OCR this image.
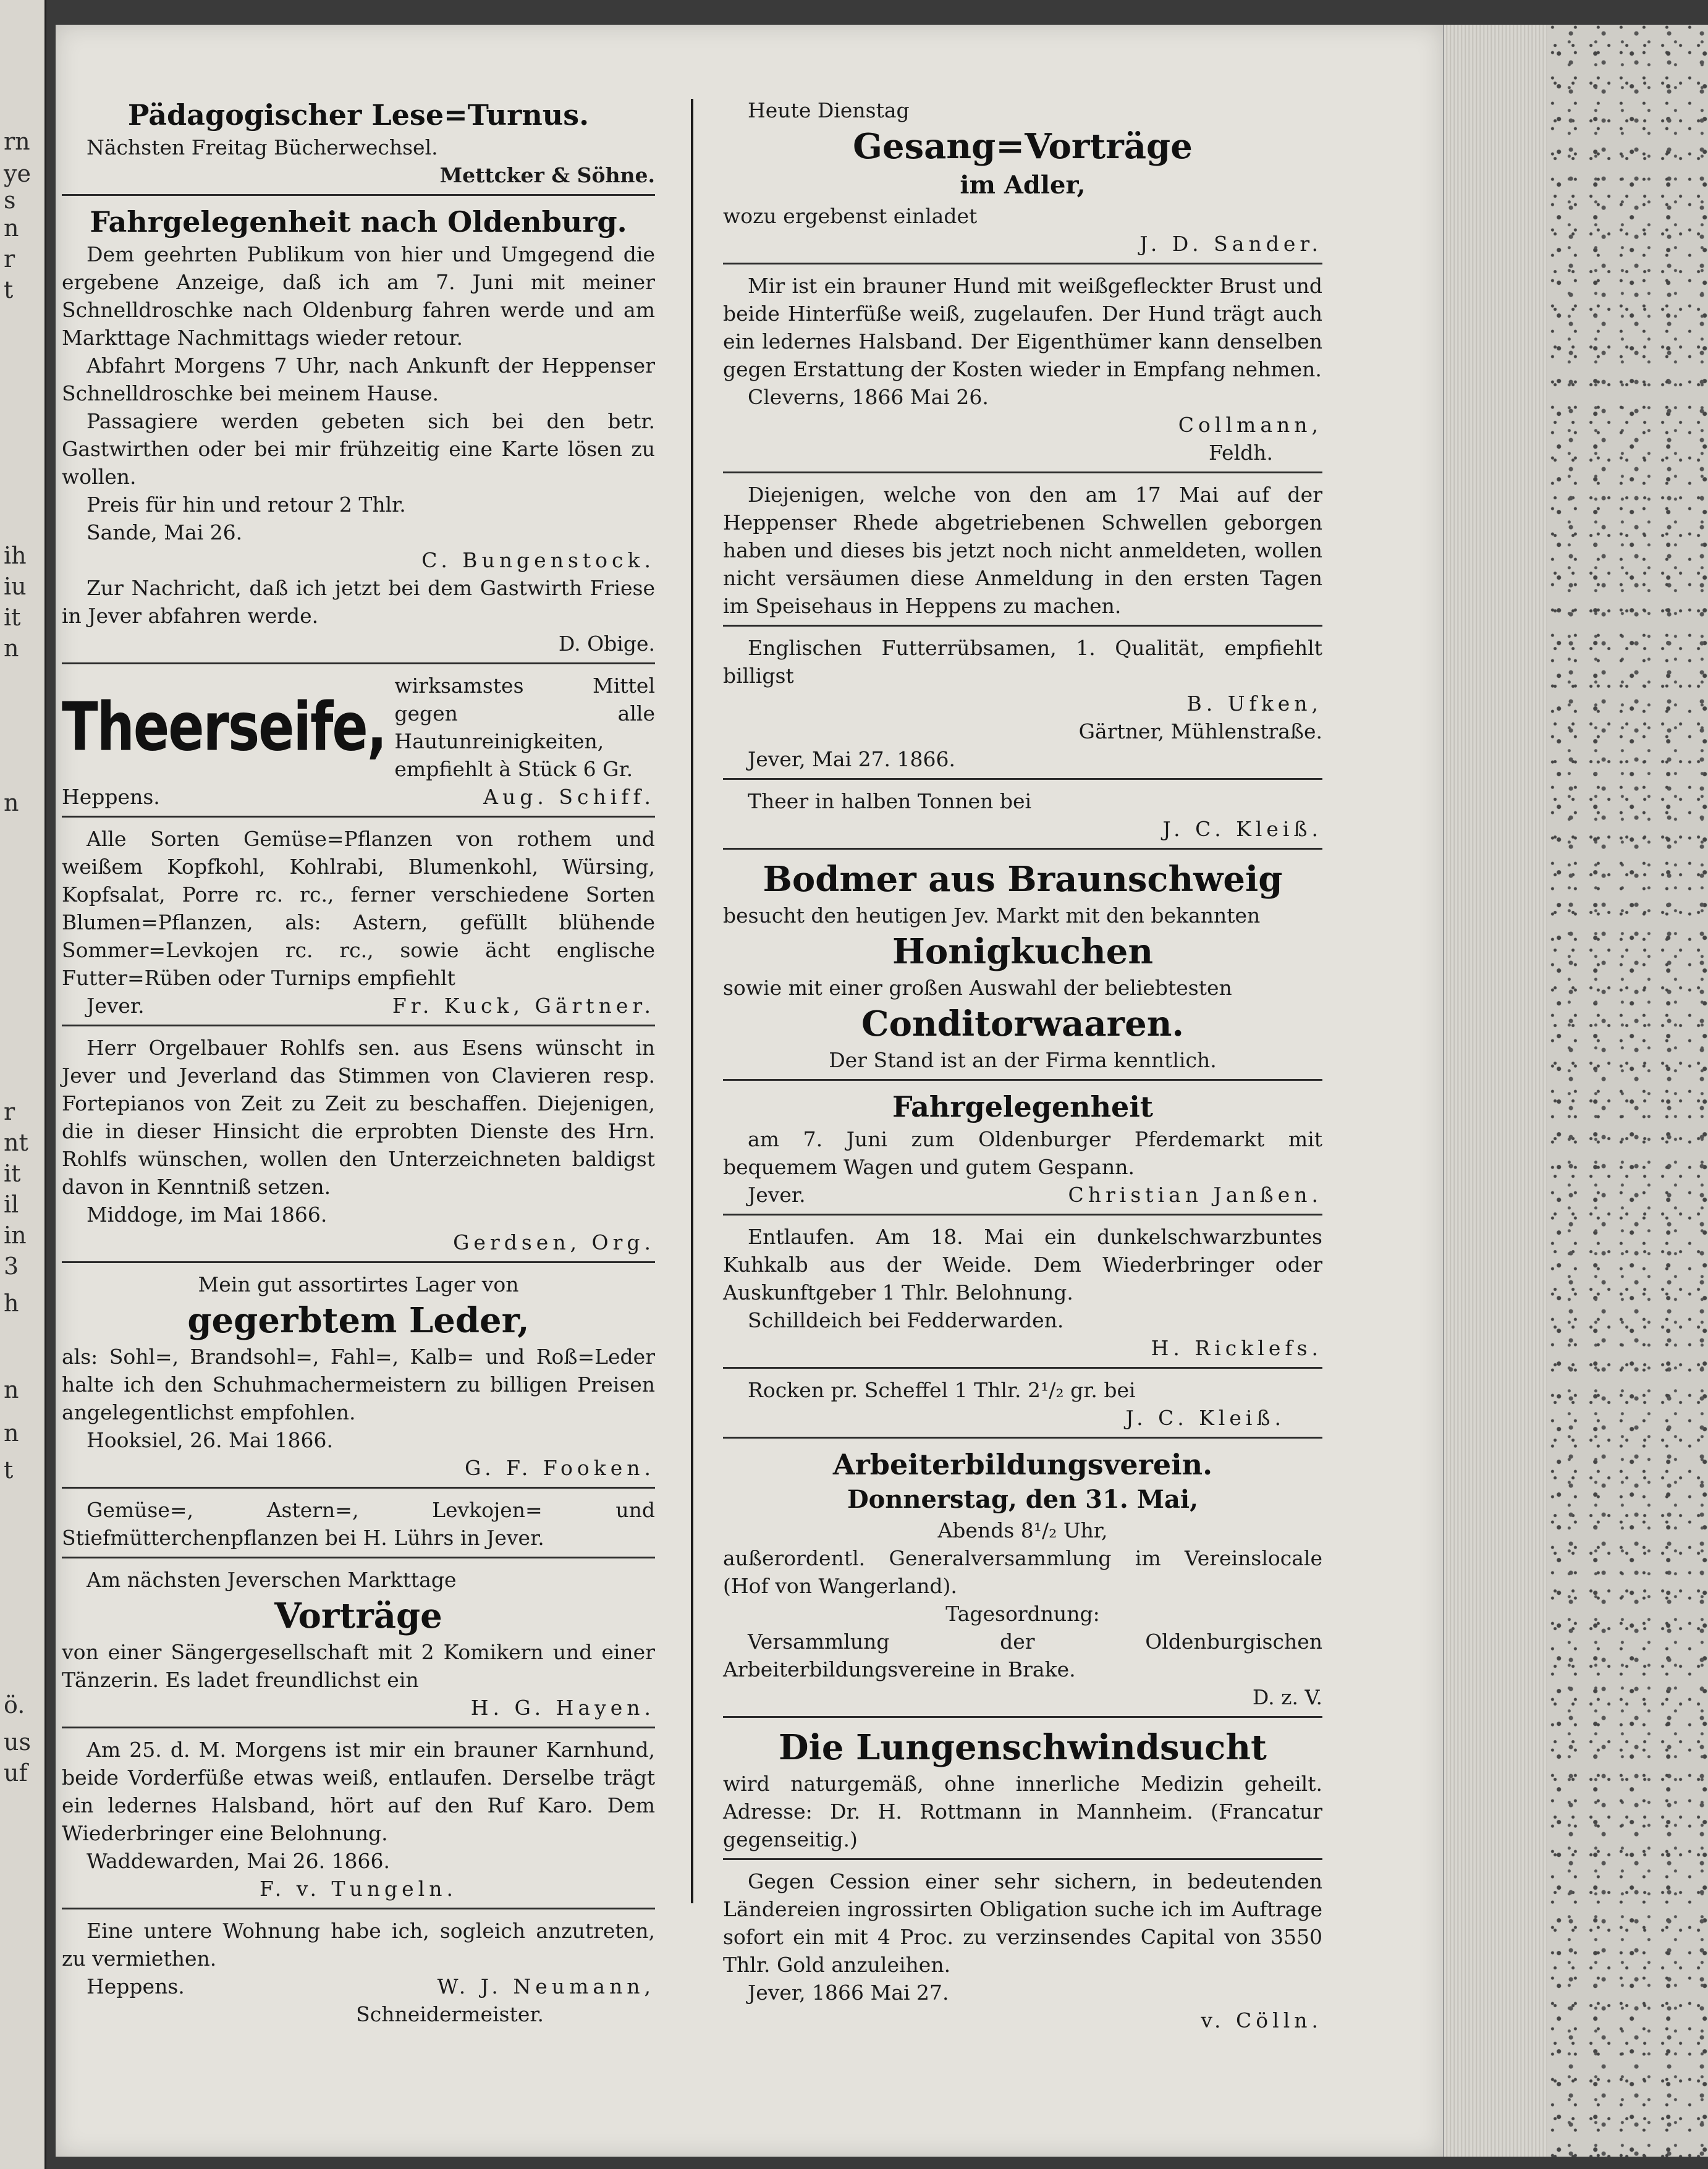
rn
ye
s
n
r
t
ih
iu
it
n
n
r
nt
it
il
in
3
h
n
n
t
ö.
us
uf

Pädagogischer Lese=Turnus.

Nächsten Freitag Bücherwechsel.

Mettcker & Söhne.

Fahrgelegenheit nach Oldenburg.

Dem geehrten Publikum von hier und Umgegend die ergebene Anzeige, daß ich am 7. Juni mit meiner Schnelldroschke nach Oldenburg fahren werde und am Markttage Nachmittags wieder retour.

Abfahrt Morgens 7 Uhr, nach Ankunft der Heppenser Schnelldroschke bei meinem Hause.

Passagiere werden gebeten sich bei den betr. Gastwirthen oder bei mir frühzeitig eine Karte lösen zu wollen.

Preis für hin und retour 2 Thlr.

Sande, Mai 26.

C. Bungenstock.

Zur Nachricht, daß ich jetzt bei dem Gastwirth Friese in Jever abfahren werde.

D. Obige.

Theerseife,

wirksamstes Mittel gegen alle Hautunreinigkeiten, empfiehlt à Stück 6 Gr.

Heppens.	Aug. Schiff.

Alle Sorten Gemüse=Pflanzen von rothem und weißem Kopfkohl, Kohlrabi, Blumenkohl, Würsing, Kopfsalat, Porre rc. rc., ferner verschiedene Sorten Blumen=Pflanzen, als: Astern, gefüllt blühende Sommer=Levkojen rc. rc., sowie ächt englische Futter=Rüben oder Turnips empfiehlt

Jever.	Fr. Kuck, Gärtner.

Herr Orgelbauer Rohlfs sen. aus Esens wünscht in Jever und Jeverland das Stimmen von Clavieren resp. Fortepianos von Zeit zu Zeit zu beschaffen. Diejenigen, die in dieser Hinsicht die erprobten Dienste des Hrn. Rohlfs wünschen, wollen den Unterzeichneten baldigst davon in Kenntniß setzen.

Middoge, im Mai 1866.

Gerdsen, Org.

Mein gut assortirtes Lager von

gegerbtem Leder,

als: Sohl=, Brandsohl=, Fahl=, Kalb= und Roß=Leder halte ich den Schuhmachermeistern zu billigen Preisen angelegentlichst empfohlen.

Hooksiel, 26. Mai 1866.

G. F. Fooken.

Gemüse=, Astern=, Levkojen= und Stiefmütterchenpflanzen bei H. Lührs in Jever.

Am nächsten Jeverschen Markttage

Vorträge

von einer Sängergesellschaft mit 2 Komikern und einer Tänzerin. Es ladet freundlichst ein

H. G. Hayen.

Am 25. d. M. Morgens ist mir ein brauner Karnhund, beide Vorderfüße etwas weiß, entlaufen. Derselbe trägt ein ledernes Halsband, hört auf den Ruf Karo. Dem Wiederbringer eine Belohnung.

Waddewarden, Mai 26. 1866.

F. v. Tungeln.

Eine untere Wohnung habe ich, sogleich anzutreten, zu vermiethen.

Heppens.	W. J. Neumann,

Schneidermeister.

Heute Dienstag

Gesang=Vorträge

im Adler,

wozu ergebenst einladet

J. D. Sander.

Mir ist ein brauner Hund mit weißgefleckter Brust und beide Hinterfüße weiß, zugelaufen. Der Hund trägt auch ein ledernes Halsband. Der Eigenthümer kann denselben gegen Erstattung der Kosten wieder in Empfang nehmen.

Cleverns, 1866 Mai 26.

Collmann,

Feldh.

Diejenigen, welche von den am 17 Mai auf der Heppenser Rhede abgetriebenen Schwellen geborgen haben und dieses bis jetzt noch nicht anmeldeten, wollen nicht versäumen diese Anmeldung in den ersten Tagen im Speisehaus in Heppens zu machen.

Englischen Futterrübsamen, 1. Qualität, empfiehlt billigst

B. Ufken,

Gärtner, Mühlenstraße.

Jever, Mai 27. 1866.

Theer in halben Tonnen bei

J. C. Kleiß.

Bodmer aus Braunschweig

besucht den heutigen Jev. Markt mit den bekannten

Honigkuchen

sowie mit einer großen Auswahl der beliebtesten

Conditorwaaren.

Der Stand ist an der Firma kenntlich.

Fahrgelegenheit

am 7. Juni zum Oldenburger Pferdemarkt mit bequemem Wagen und gutem Gespann.

Jever.	Christian Janßen.

Entlaufen. Am 18. Mai ein dunkelschwarzbuntes Kuhkalb aus der Weide. Dem Wiederbringer oder Auskunftgeber 1 Thlr. Belohnung.

Schilldeich bei Fedderwarden.

H. Ricklefs.

Rocken pr. Scheffel 1 Thlr. 2¹/₂ gr. bei

J. C. Kleiß.

Arbeiterbildungsverein.

Donnerstag, den 31. Mai,

Abends 8¹/₂ Uhr,

außerordentl. Generalversammlung im Vereinslocale (Hof von Wangerland).

Tagesordnung:

Versammlung der Oldenburgischen Arbeiterbildungsvereine in Brake.

D. z. V.

Die Lungenschwindsucht

wird naturgemäß, ohne innerliche Medizin geheilt. Adresse: Dr. H. Rottmann in Mannheim. (Francatur gegenseitig.)

Gegen Cession einer sehr sichern, in bedeutenden Ländereien ingrossirten Obligation suche ich im Auftrage sofort ein mit 4 Proc. zu verzinsendes Capital von 3550 Thlr. Gold anzuleihen.

Jever, 1866 Mai 27.

v. Cölln.
